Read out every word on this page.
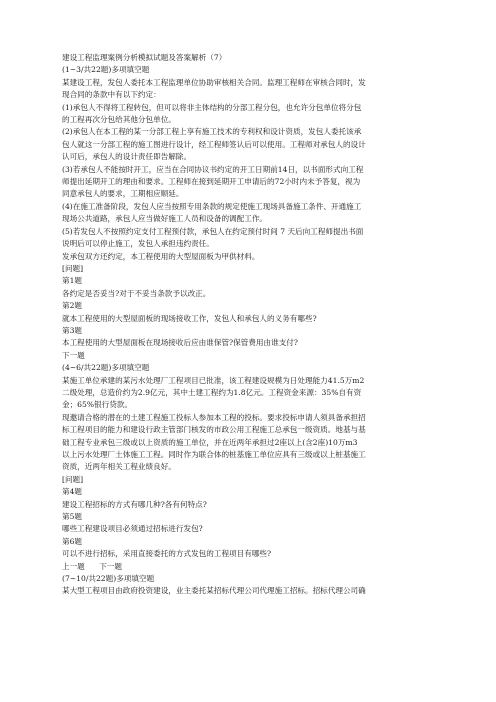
建设工程监理案例分析模拟试题及答案解析（7）
(1~3/共22题)多项填空题
某建设工程，发包人委托本工程监理单位协助审核相关合同。监理工程师在审核合同时，发
现合同的条款中有以下约定：
(1)承包人不得将工程转包，但可以将非主体结构的分部工程分包，也允许分包单位将分包
的工程再次分包给其他分包单位。
(2)承包人在本工程的某一分部工程上享有施工技术的专利权和设计资质，发包人委托该承
包人就这一分部工程的施工图进行设计，经工程师签认后可以使用。工程师对承包人的设计
认可后，承包人的设计责任即告解除。
(3)若承包人不能按时开工，应当在合同协议书约定的开工日期前14日，以书面形式向工程
师提出延期开工的理由和要求。工程师在接到延期开工申请后的72小时内未予答复，视为
同意承包人的要求，工期相应顺延。
(4)在施工准备阶段，发包人应当按照专用条款的规定使施工现场具备施工条件、开通施工
现场公共道路，承包人应当做好施工人员和设备的调配工作。
(5)若发包人不按照约定支付工程预付款，承包人在约定预付时间 7 天后向工程师提出书面
说明后可以停止施工，发包人承担违约责任。
发承包双方还约定，本工程使用的大型屋面板为甲供材料。
[问题]
第1题
各约定是否妥当?对于不妥当条款予以改正。
第2题
就本工程使用的大型屋面板的现场接收工作，发包人和承包人的义务有哪些?
第3题
本工程使用的大型屋面板在现场接收后应由谁保管?保管费用由谁支付?
下一题
(4~6/共22题)多项填空题
某施工单位承建的某污水处理厂工程项目已批准，该工程建设规模为日处理能力41.5万m2
二级处理，总造价约为2.9亿元，其中土建工程约为1.8亿元。工程资金来源：35%自有资
金；65%银行贷款。
现邀请合格的潜在的土建工程施工投标人参加本工程的投标。要求投标申请人须具备承担招
标工程项目的能力和建设行政主管部门核发的市政公用工程施工总承包一级资质。地基与基
础工程专业承包三级或以上资质的施工单位，并在近两年承担过2座以上(含2座)10万m3
以上污水处理厂土体施工工程。同时作为联合体的桩基施工单位应具有三级或以上桩基施工
资质，近两年相关工程业绩良好。
[问题]
第4题
建设工程招标的方式有哪几种?各有何特点?
第5题
哪些工程建设项目必须通过招标进行发包?
第6题
可以不进行招标，采用直接委托的方式发包的工程项目有哪些?
上一题 下一题
(7~10/共22题)多项填空题
某大型工程项目由政府投资建设，业主委托某招标代理公司代理施工招标。招标代理公司确
